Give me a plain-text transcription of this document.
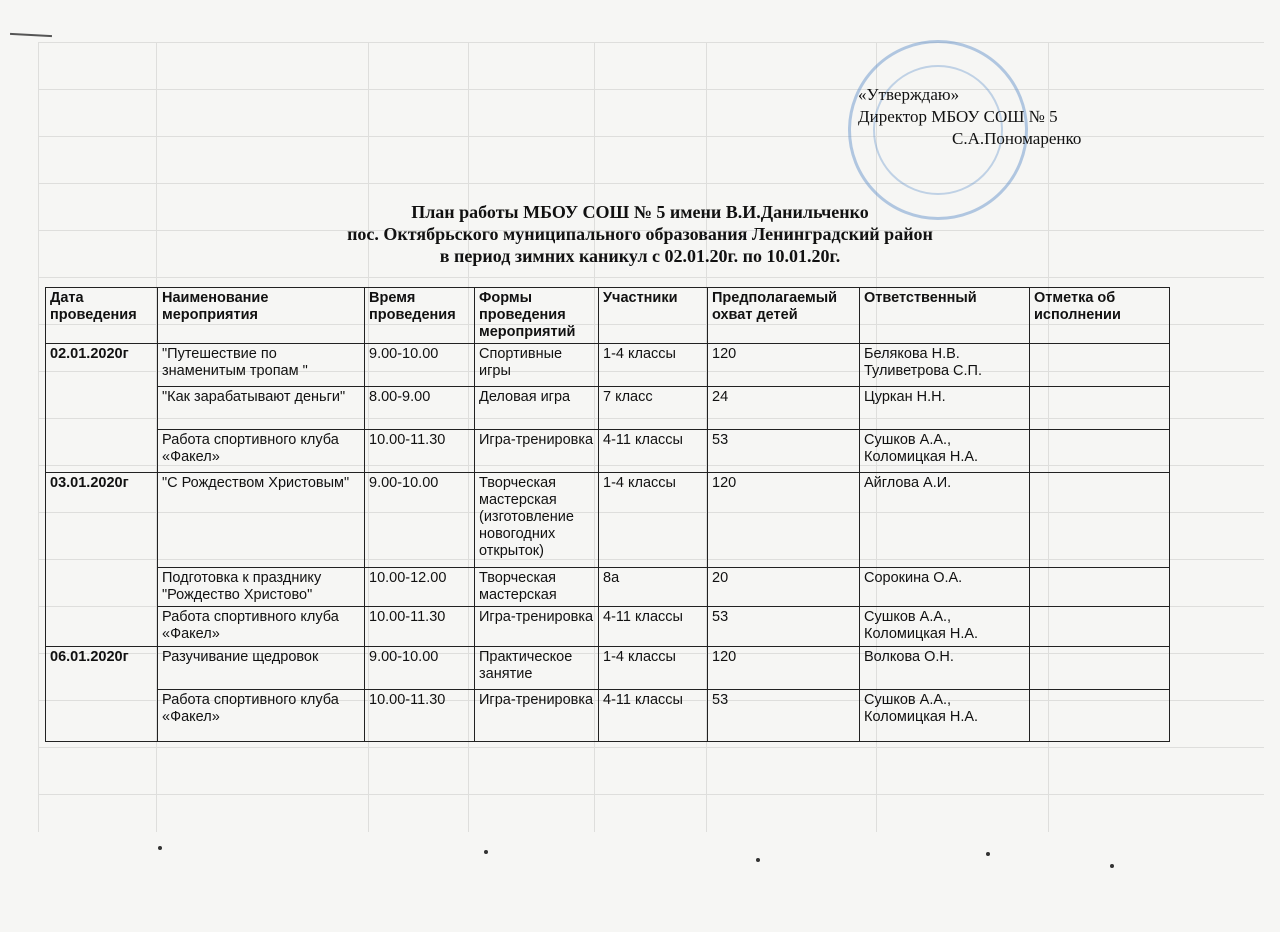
«Утверждаю»
Директор МБОУ СОШ № 5
С.А.Пономаренко
План работы МБОУ СОШ № 5 имени В.И.Данильченко
пос. Октябрьского муниципального образования Ленинградский район
в период зимних каникул с 02.01.20г. по 10.01.20г.
Дата проведения	Наименование мероприятия	Время проведения	Формы проведения мероприятий	Участники	Предполагаемый охват детей	Ответственный	Отметка об исполнении
02.01.2020г	"Путешествие по знаменитым тропам "	9.00-10.00	Спортивные игры	1-4 классы	120	Белякова Н.В. Туливетрова С.П.	
	"Как зарабатывают деньги"	8.00-9.00	Деловая игра	7 класс	24	Цуркан Н.Н.	
	Работа спортивного клуба «Факел»	10.00-11.30	Игра-тренировка	4-11 классы	53	Сушков А.А., Коломицкая Н.А.	
03.01.2020г	"С Рождеством Христовым"	9.00-10.00	Творческая мастерская (изготовление новогодних открыток)	1-4 классы	120	Айглова А.И.	
	Подготовка к празднику "Рождество Христово"	10.00-12.00	Творческая мастерская	8а	20	Сорокина О.А.	
	Работа спортивного клуба «Факел»	10.00-11.30	Игра-тренировка	4-11 классы	53	Сушков А.А., Коломицкая Н.А.	
06.01.2020г	Разучивание щедровок	9.00-10.00	Практическое занятие	1-4 классы	120	Волкова О.Н.	
	Работа спортивного клуба «Факел»	10.00-11.30	Игра-тренировка	4-11 классы	53	Сушков А.А., Коломицкая Н.А.	
